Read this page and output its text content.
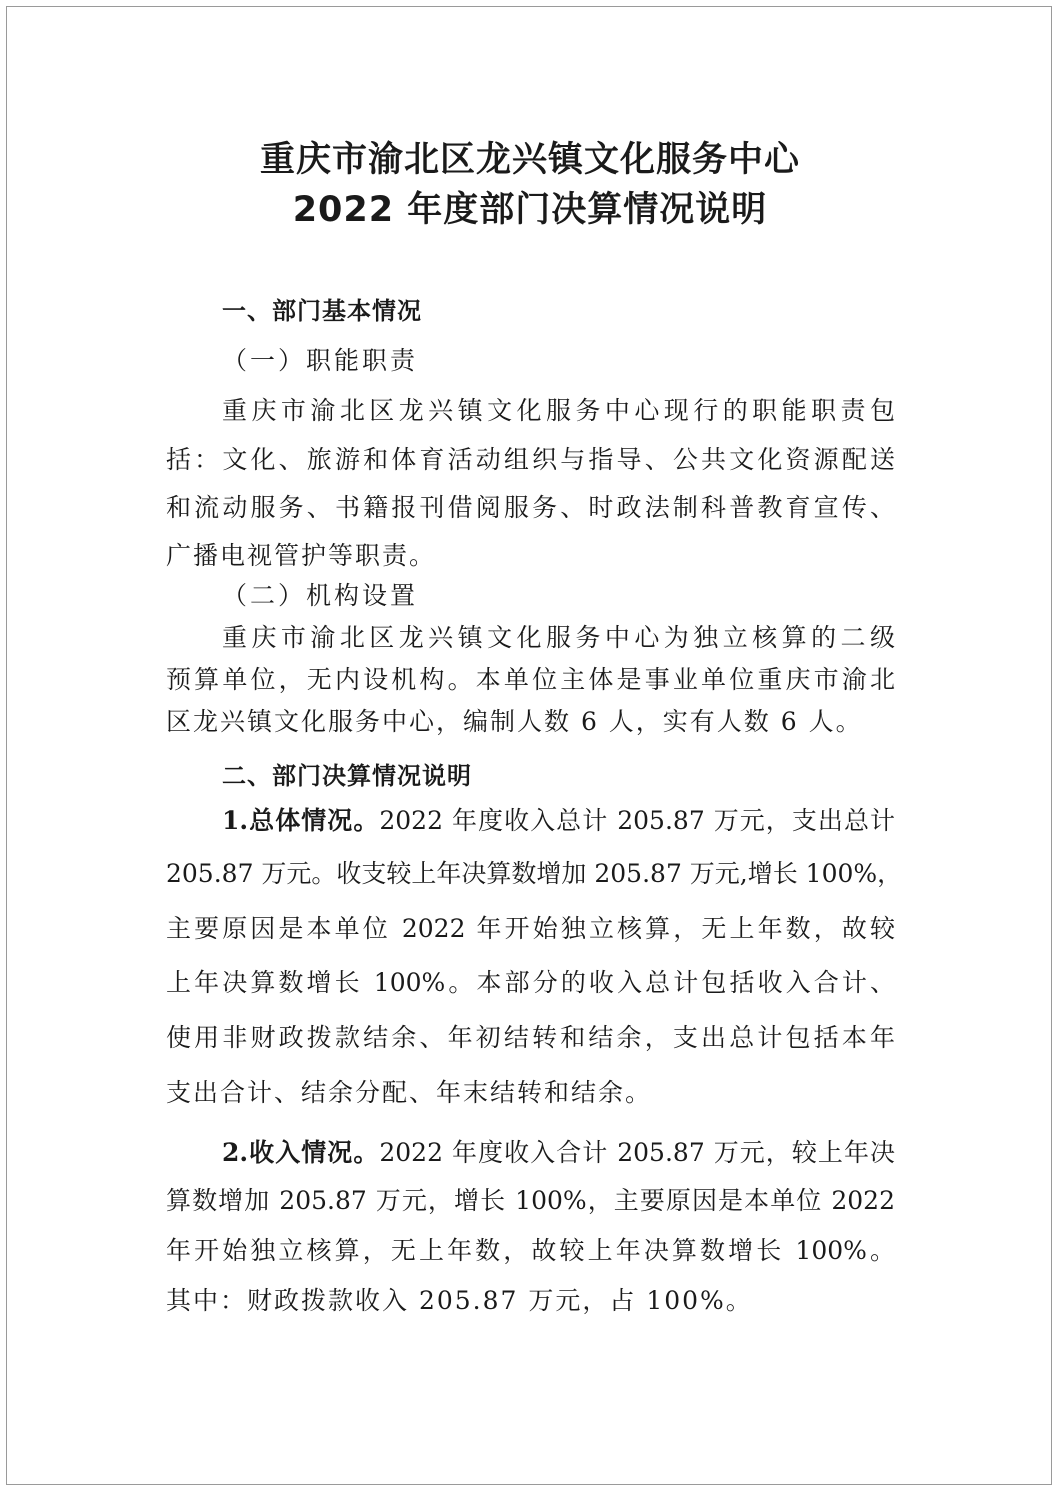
重庆市渝北区龙兴镇文化服务中心
2022 年度部门决算情况说明
一、部门基本情况
（一）职能职责
重庆市渝北区龙兴镇文化服务中心现行的职能职责包
括：文化、旅游和体育活动组织与指导、公共文化资源配送
和流动服务、书籍报刊借阅服务、时政法制科普教育宣传、
广播电视管护等职责。
（二）机构设置
重庆市渝北区龙兴镇文化服务中心为独立核算的二级
预算单位，无内设机构。本单位主体是事业单位重庆市渝北
区龙兴镇文化服务中心，编制人数 6 人，实有人数 6 人。
二、部门决算情况说明
1.总体情况。2022 年度收入总计 205.87 万元，支出总计
205.87 万元。收支较上年决算数增加 205.87 万元,增长 100%，
主要原因是本单位 2022 年开始独立核算，无上年数，故较
上年决算数增长 100%。本部分的收入总计包括收入合计、
使用非财政拨款结余、年初结转和结余，支出总计包括本年
支出合计、结余分配、年末结转和结余。
2.收入情况。2022 年度收入合计 205.87 万元，较上年决
算数增加 205.87 万元，增长 100%，主要原因是本单位 2022
年开始独立核算，无上年数，故较上年决算数增长 100%。
其中：财政拨款收入 205.87 万元，占 100%。
